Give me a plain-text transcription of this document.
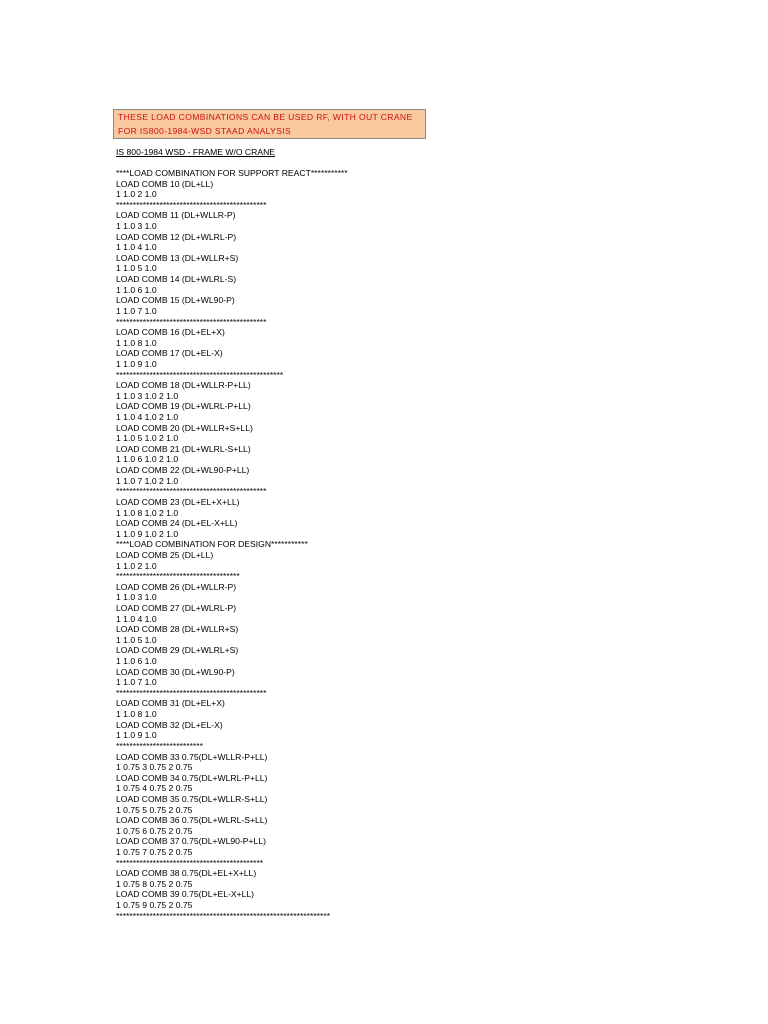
THESE LOAD COMBINATIONS CAN BE USED RF, WITH OUT CRANE
FOR IS800-1984-WSD STAAD ANALYSIS
IS 800-1984 WSD - FRAME W/O CRANE
****LOAD COMBINATION FOR SUPPORT REACT***********
LOAD COMB 10 (DL+LL)
1 1.0 2 1.0
*********************************************
LOAD COMB 11 (DL+WLLR-P)
1 1.0 3 1.0
LOAD COMB 12 (DL+WLRL-P)
1 1.0 4 1.0
LOAD COMB 13 (DL+WLLR+S)
1 1.0 5 1.0
LOAD COMB 14 (DL+WLRL-S)
1 1.0 6 1.0
LOAD COMB 15 (DL+WL90-P)
1 1.0 7 1.0
*********************************************
LOAD COMB 16 (DL+EL+X)
1 1.0 8 1.0
LOAD COMB 17 (DL+EL-X)
1 1.0 9 1.0
**************************************************
LOAD COMB 18 (DL+WLLR-P+LL)
1 1.0 3 1.0 2 1.0
LOAD COMB 19 (DL+WLRL-P+LL)
1 1.0 4 1.0 2 1.0
LOAD COMB 20 (DL+WLLR+S+LL)
1 1.0 5 1.0 2 1.0
LOAD COMB 21 (DL+WLRL-S+LL)
1 1.0 6 1.0 2 1.0
LOAD COMB 22 (DL+WL90-P+LL)
1 1.0 7 1.0 2 1.0
*********************************************
LOAD COMB 23 (DL+EL+X+LL)
1 1.0 8 1.0 2 1.0
LOAD COMB 24 (DL+EL-X+LL)
1 1.0 9 1.0 2 1.0
****LOAD COMBINATION FOR DESIGN***********
LOAD COMB 25 (DL+LL)
1 1.0 2 1.0
*************************************
LOAD COMB 26 (DL+WLLR-P)
1 1.0 3 1.0
LOAD COMB 27 (DL+WLRL-P)
1 1.0 4 1.0
LOAD COMB 28 (DL+WLLR+S)
1 1.0 5 1.0
LOAD COMB 29 (DL+WLRL+S)
1 1.0 6 1.0
LOAD COMB 30 (DL+WL90-P)
1 1.0 7 1.0
*********************************************
LOAD COMB 31 (DL+EL+X)
1 1.0 8 1.0
LOAD COMB 32 (DL+EL-X)
1 1.0 9 1.0
**************************
LOAD COMB 33 0.75(DL+WLLR-P+LL)
1 0.75 3 0.75 2 0.75
LOAD COMB 34 0.75(DL+WLRL-P+LL)
1 0.75 4 0.75 2 0.75
LOAD COMB 35 0.75(DL+WLLR-S+LL)
1 0.75 5 0.75 2 0.75
LOAD COMB 36 0.75(DL+WLRL-S+LL)
1 0.75 6 0.75 2 0.75
LOAD COMB 37 0.75(DL+WL90-P+LL)
1 0.75 7 0.75 2 0.75
********************************************
LOAD COMB 38 0.75(DL+EL+X+LL)
1 0.75 8 0.75 2 0.75
LOAD COMB 39 0.75(DL+EL-X+LL)
1 0.75 9 0.75 2 0.75
****************************************************************
